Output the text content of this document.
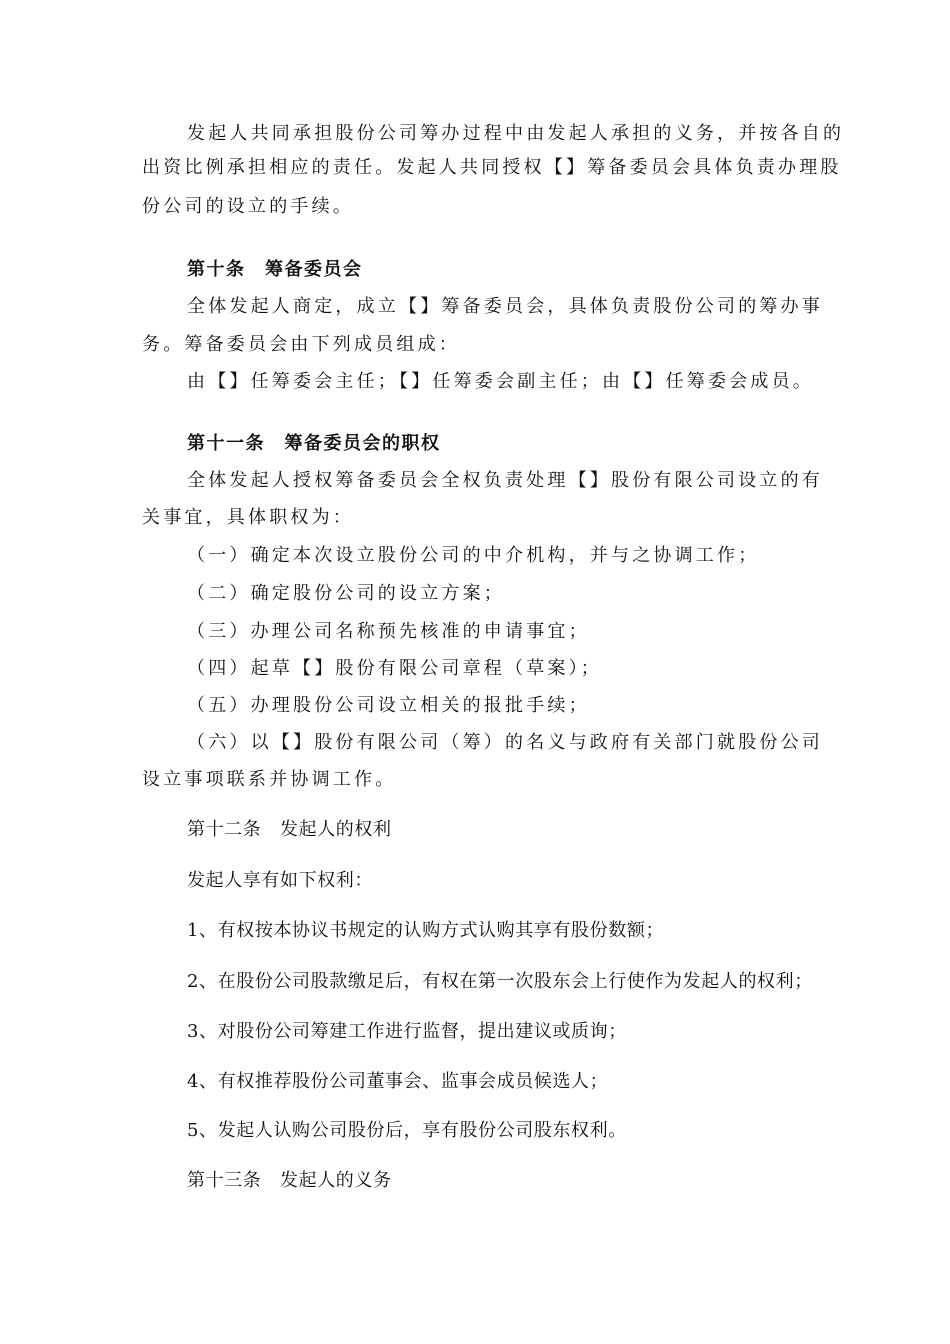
发起人共同承担股份公司筹办过程中由发起人承担的义务，并按各自的
出资比例承担相应的责任。发起人共同授权【】筹备委员会具体负责办理股
份公司的设立的手续。
第十条　筹备委员会
全体发起人商定，成立【】筹备委员会，具体负责股份公司的筹办事
务。筹备委员会由下列成员组成：
由【】任筹委会主任；【】任筹委会副主任；由【】任筹委会成员。
第十一条　筹备委员会的职权
全体发起人授权筹备委员会全权负责处理【】股份有限公司设立的有
关事宜，具体职权为：
（一）确定本次设立股份公司的中介机构，并与之协调工作；
（二）确定股份公司的设立方案；
（三）办理公司名称预先核准的申请事宜；
（四）起草【】股份有限公司章程（草案）；
（五）办理股份公司设立相关的报批手续；
（六）以【】股份有限公司（筹）的名义与政府有关部门就股份公司
设立事项联系并协调工作。
第十二条　发起人的权利
发起人享有如下权利：
1、有权按本协议书规定的认购方式认购其享有股份数额；
2、在股份公司股款缴足后，有权在第一次股东会上行使作为发起人的权利；
3、对股份公司筹建工作进行监督，提出建议或质询；
4、有权推荐股份公司董事会、监事会成员候选人；
5、发起人认购公司股份后，享有股份公司股东权利。
第十三条　发起人的义务
